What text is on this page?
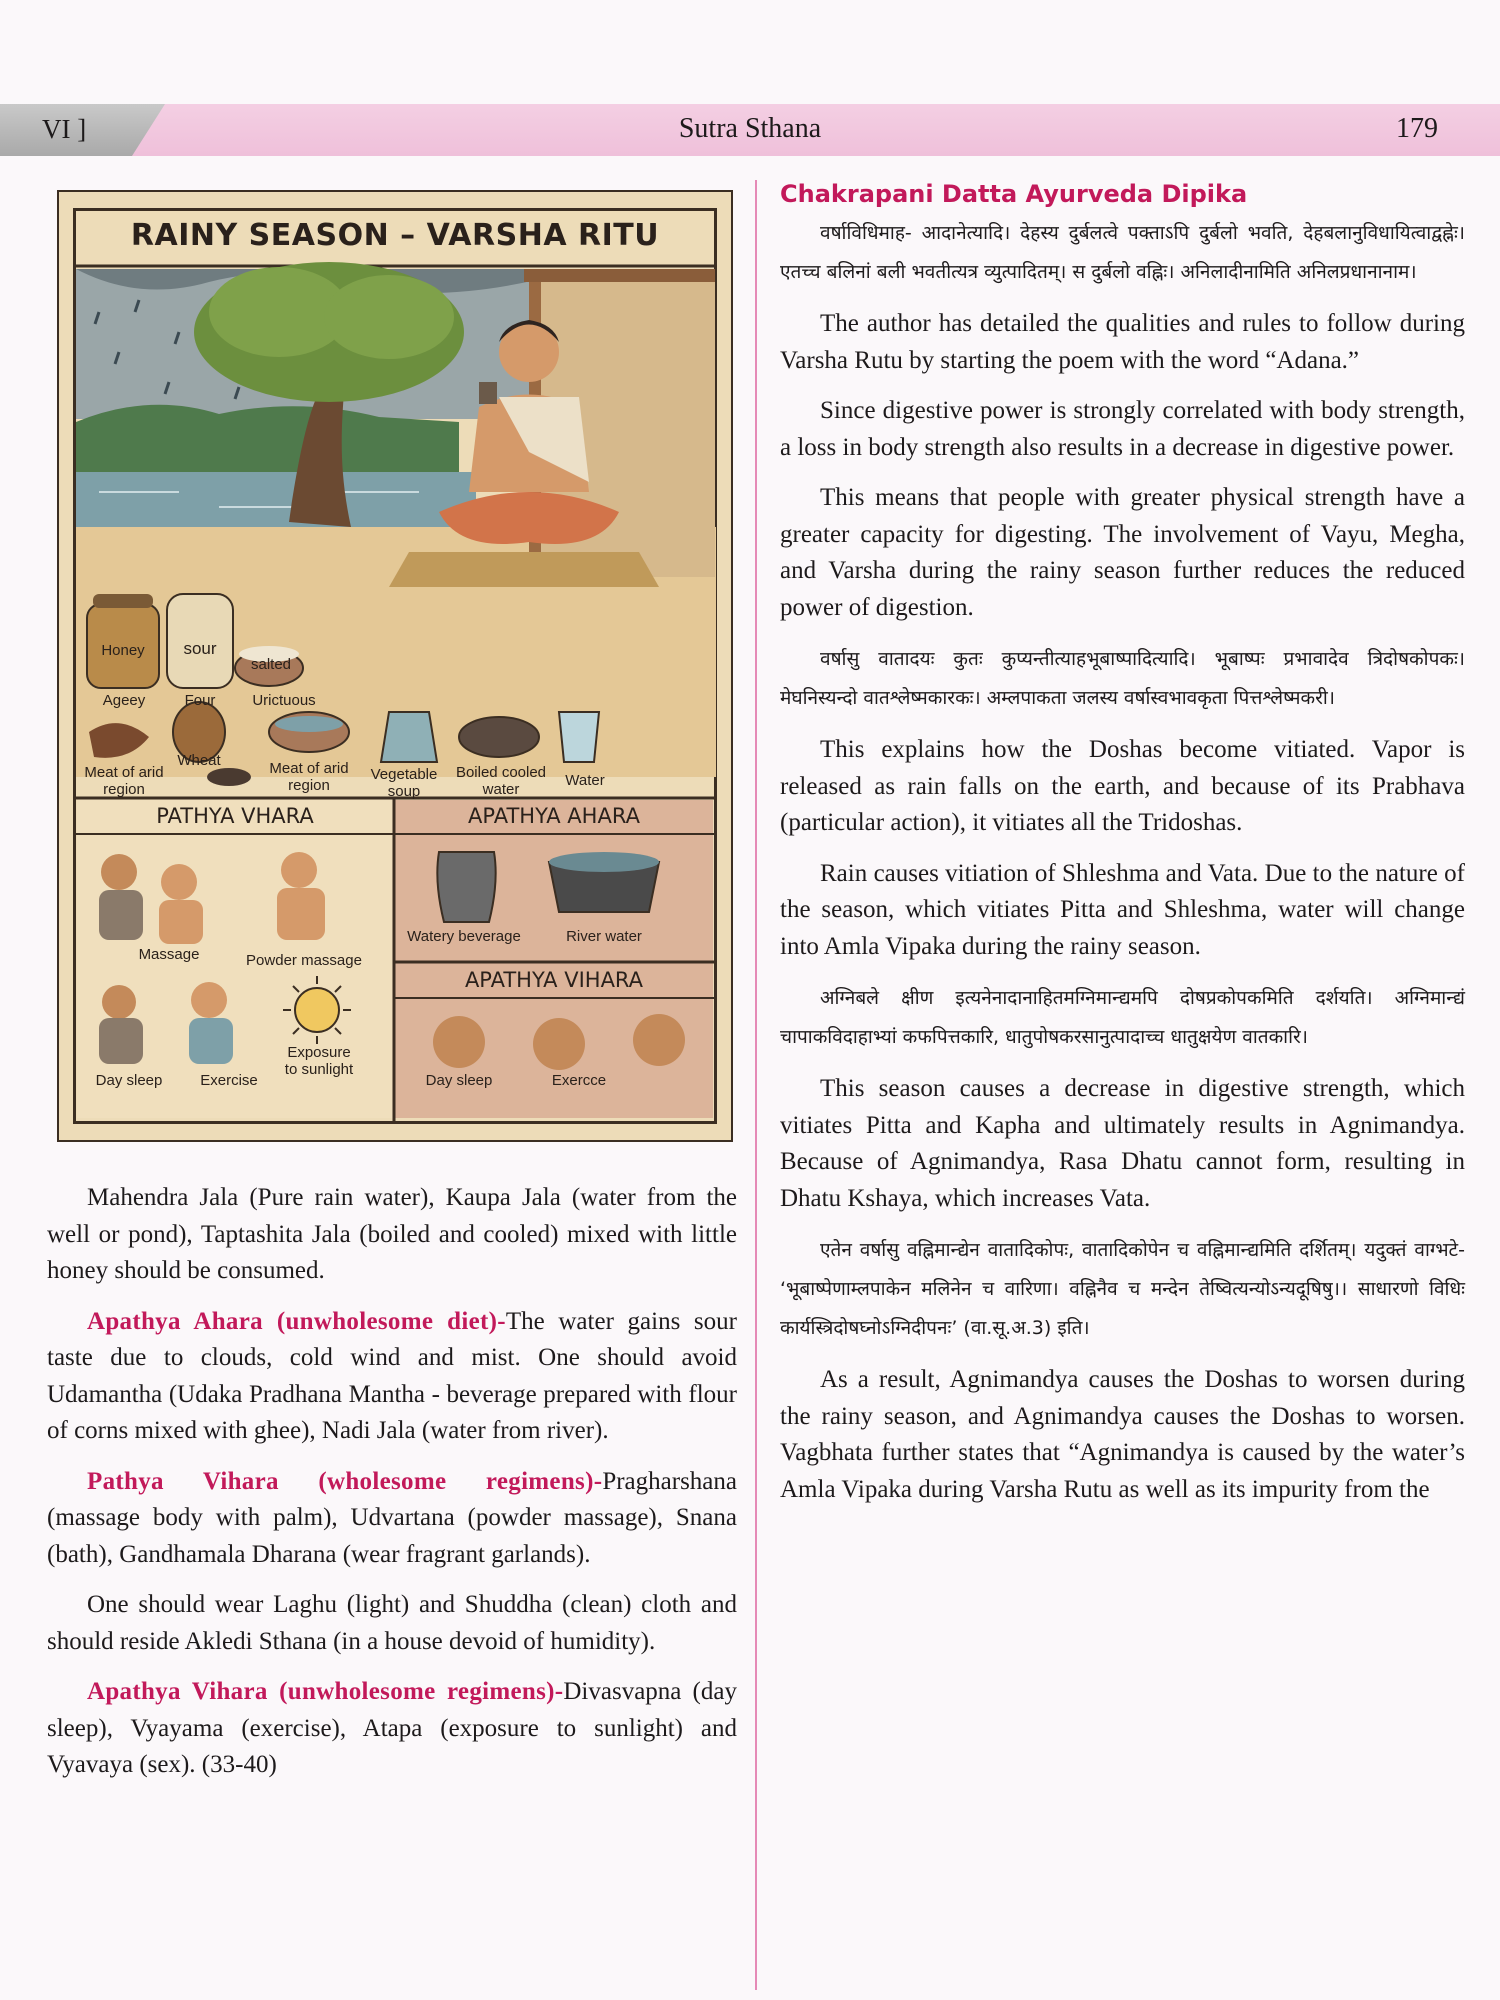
VI ]	Sutra Sthana	179
RAINY SEASON – VARSHA RITU
Honey	sour
salted
Ageey	Four	Urictuous
Meat of arid region
Wheat	Meat of arid region
Vegetable soup
Boiled cooled water
Water
PATHYA VHARA	APATHYA AHARA
APATHYA VIHARA
Massage	Powder massage
Exposure to sunlight
Day sleep	Exercise
Watery beverage	River water
Day sleep	Exercce

Mahendra Jala (Pure rain water), Kaupa Jala (water from the well or pond), Taptashita Jala (boiled and cooled) mixed with little honey should be consumed.

Apathya Ahara (unwholesome diet)-The water gains sour taste due to clouds, cold wind and mist. One should avoid Udamantha (Udaka Pradhana Mantha - beverage prepared with flour of corns mixed with ghee), Nadi Jala (water from river).

Pathya Vihara (wholesome regimens)-Pragharshana (massage body with palm), Udvartana (powder massage), Snana (bath), Gandhamala Dharana (wear fragrant garlands).

One should wear Laghu (light) and Shuddha (clean) cloth and should reside Akledi Sthana (in a house devoid of humidity).

Apathya Vihara (unwholesome regimens)-Divasvapna (day sleep), Vyayama (exercise), Atapa (exposure to sunlight) and Vyavaya (sex). (33-40)

Chakrapani Datta Ayurveda Dipika

वर्षाविधिमाह- आदानेत्यादि। देहस्य दुर्बलत्वे पक्ताऽपि दुर्बलो भवति, देहबलानुविधायित्वाद्वह्नेः। एतच्च बलिनां बली भवतीत्यत्र व्युत्पादितम्। स दुर्बलो वह्निः। अनिलादीनामिति अनिलप्रधानानाम।

The author has detailed the qualities and rules to follow during Varsha Rutu by starting the poem with the word “Adana.”

Since digestive power is strongly correlated with body strength, a loss in body strength also results in a decrease in digestive power.

This means that people with greater physical strength have a greater capacity for digesting. The involvement of Vayu, Megha, and Varsha during the rainy season further reduces the reduced power of digestion.

वर्षासु वातादयः कुतः कुप्यन्तीत्याहभूबाष्पादित्यादि। भूबाष्पः प्रभावादेव त्रिदोषकोपकः। मेघनिस्यन्दो वातश्लेष्मकारकः। अम्लपाकता जलस्य वर्षास्वभावकृता पित्तश्लेष्मकरी।

This explains how the Doshas become vitiated. Vapor is released as rain falls on the earth, and because of its Prabhava (particular action), it vitiates all the Tridoshas.

Rain causes vitiation of Shleshma and Vata. Due to the nature of the season, which vitiates Pitta and Shleshma, water will change into Amla Vipaka during the rainy season.

अग्निबले क्षीण इत्यनेनादानाहितमग्निमान्द्यमपि दोषप्रकोपकमिति दर्शयति। अग्निमान्द्यं चापाकविदाहाभ्यां कफपित्तकारि, धातुपोषकरसानुत्पादाच्च धातुक्षयेण वातकारि।

This season causes a decrease in digestive strength, which vitiates Pitta and Kapha and ultimately results in Agnimandya. Because of Agnimandya, Rasa Dhatu cannot form, resulting in Dhatu Kshaya, which increases Vata.

एतेन वर्षासु वह्निमान्द्येन वातादिकोपः, वातादिकोपेन च वह्निमान्द्यमिति दर्शितम्। यदुक्तं वाग्भटे- ‘भूबाष्पेणाम्लपाकेन मलिनेन च वारिणा। वह्निनैव च मन्देन तेष्वित्यन्योऽन्यदूषिषु।। साधारणो विधिः कार्यस्त्रिदोषघ्नोऽग्निदीपनः’ (वा.सू.अ.3) इति।

As a result, Agnimandya causes the Doshas to worsen during the rainy season, and Agnimandya causes the Doshas to worsen. Vagbhata further states that “Agnimandya is caused by the water’s Amla Vipaka during Varsha Rutu as well as its impurity from the
